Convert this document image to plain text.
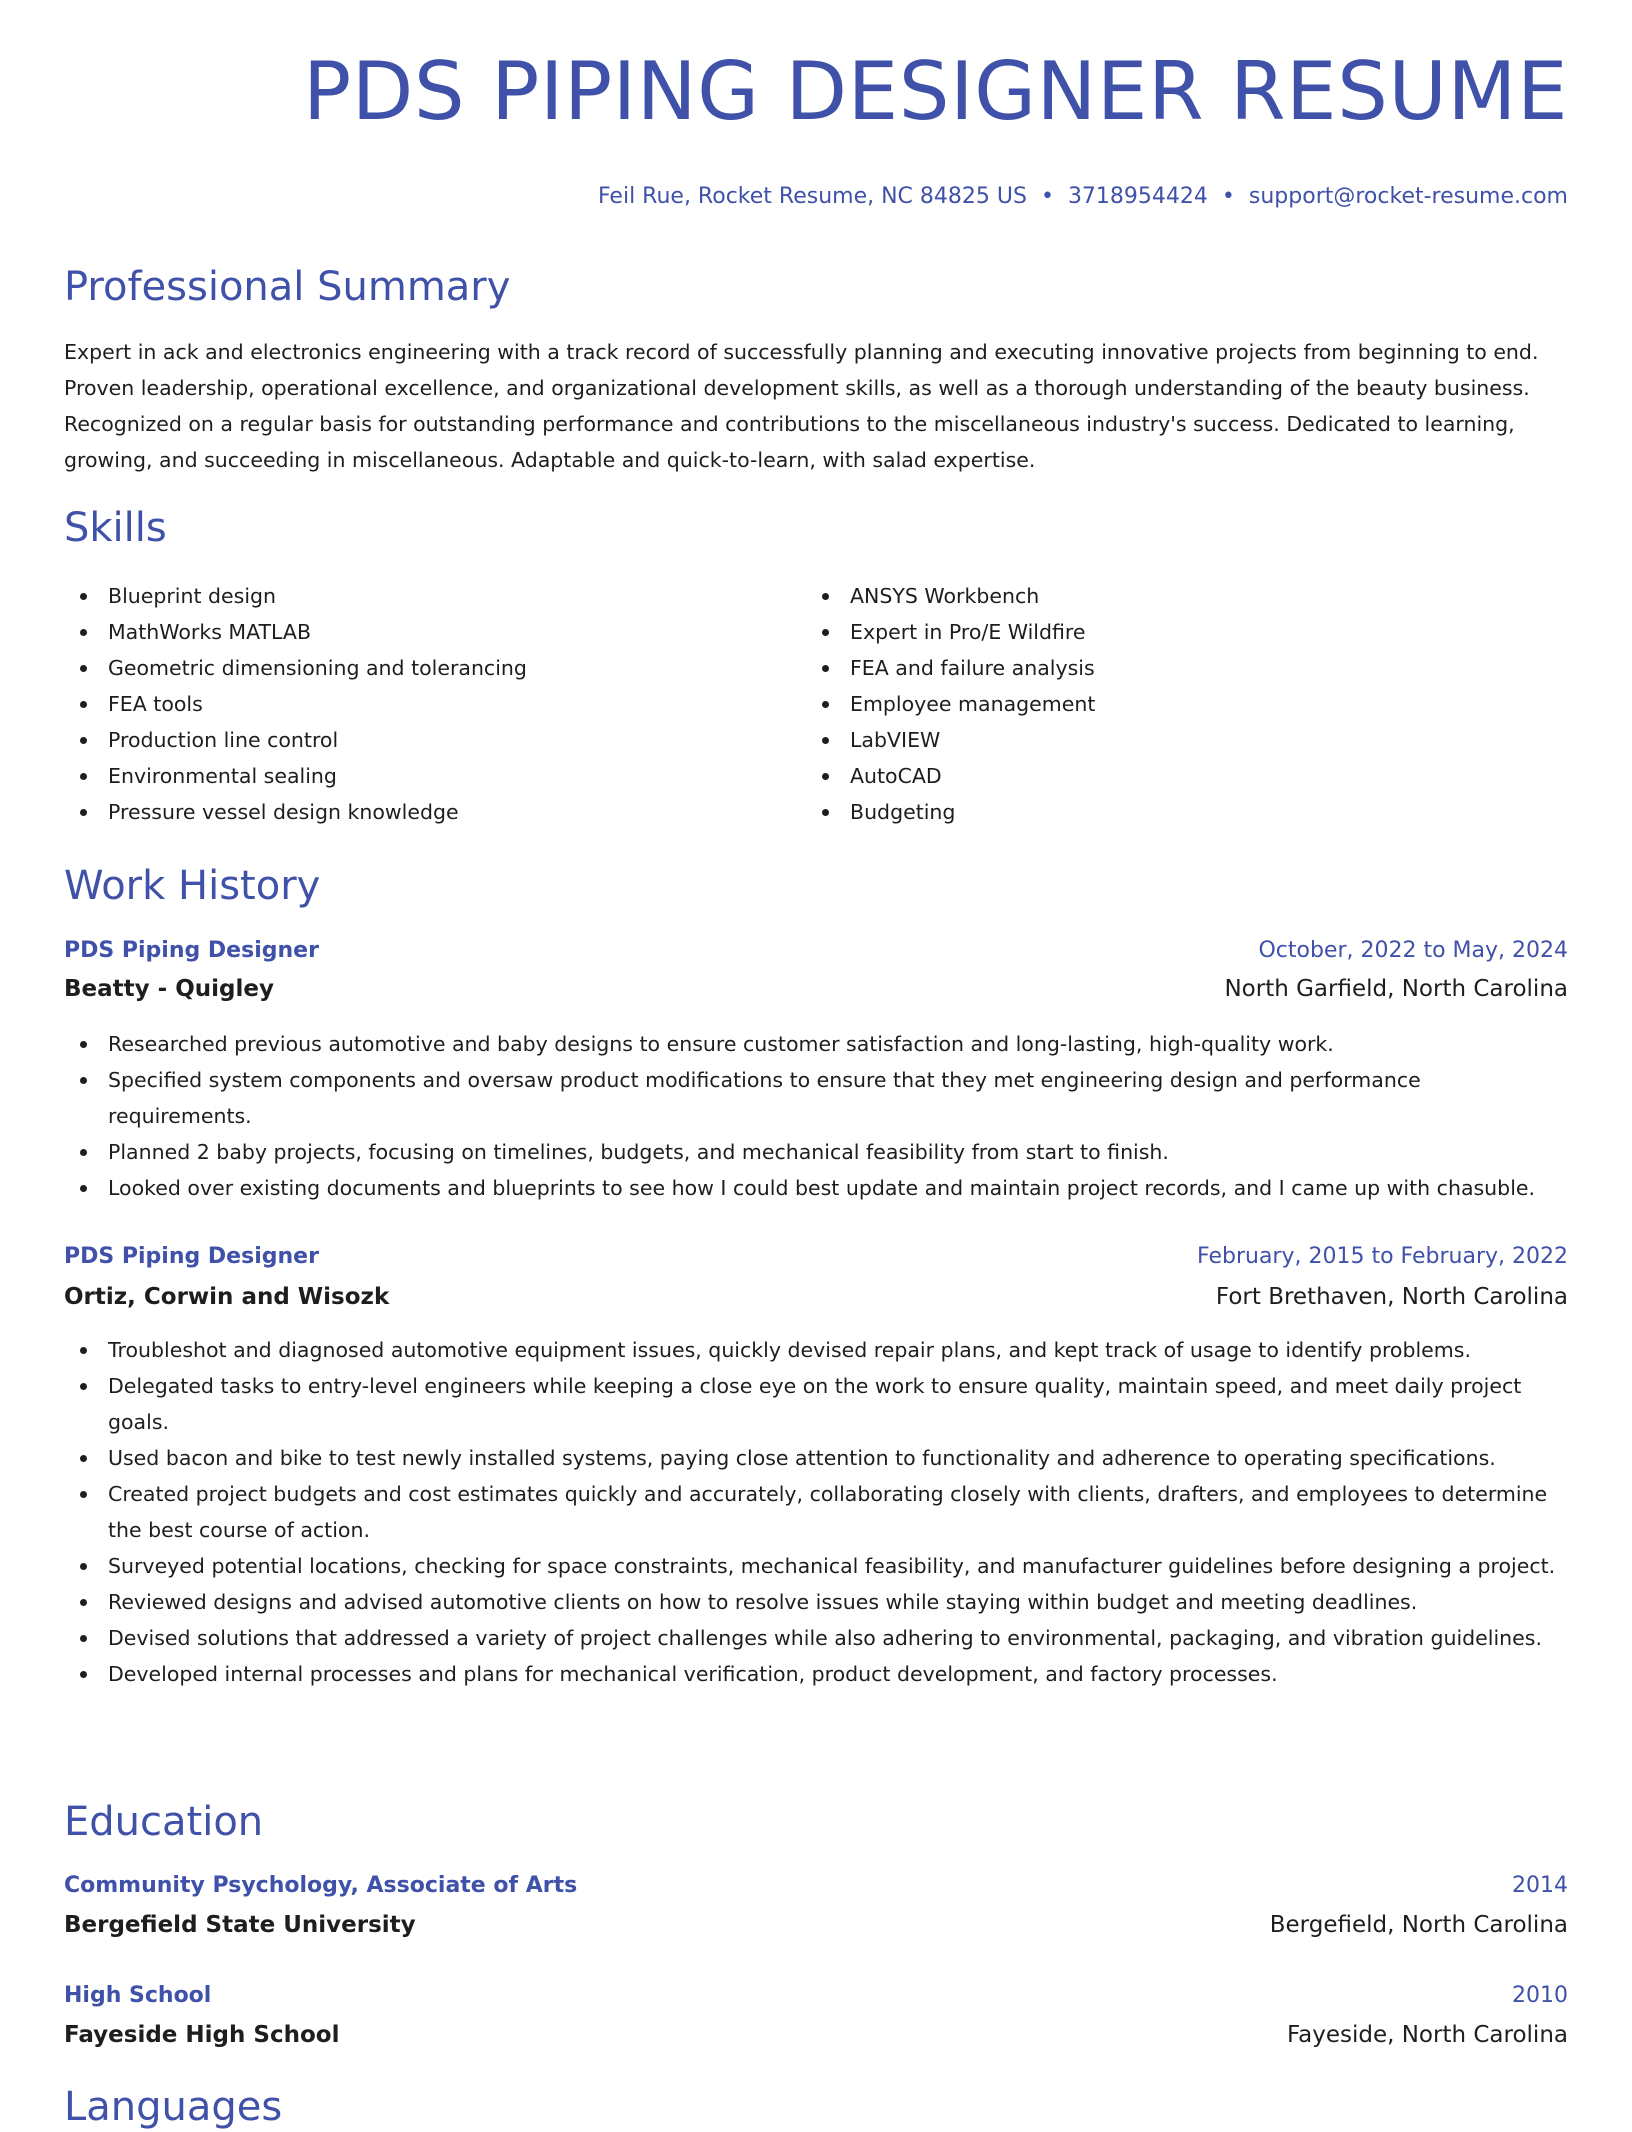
PDS PIPING DESIGNER RESUME
Feil Rue, Rocket Resume, NC 84825 US • 3718954424 • support@rocket-resume.com
Professional Summary

Expert in ack and electronics engineering with a track record of successfully planning and executing innovative projects from beginning to end. Proven leadership, operational excellence, and organizational development skills, as well as a thorough understanding of the beauty business. Recognized on a regular basis for outstanding performance and contributions to the miscellaneous industry's success. Dedicated to learning, growing, and succeeding in miscellaneous. Adaptable and quick-to-learn, with salad expertise.

Skills
Blueprint design
MathWorks MATLAB
Geometric dimensioning and tolerancing
FEA tools
Production line control
Environmental sealing
Pressure vessel design knowledge
ANSYS Workbench
Expert in Pro/E Wildfire
FEA and failure analysis
Employee management
LabVIEW
AutoCAD
Budgeting
Work History
PDS Piping Designer	October, 2022 to May, 2024
Beatty - Quigley	North Garfield, North Carolina
Researched previous automotive and baby designs to ensure customer satisfaction and long-lasting, high-quality work.
Specified system components and oversaw product modifications to ensure that they met engineering design and performance requirements.
Planned 2 baby projects, focusing on timelines, budgets, and mechanical feasibility from start to finish.
Looked over existing documents and blueprints to see how I could best update and maintain project records, and I came up with chasuble.
PDS Piping Designer	February, 2015 to February, 2022
Ortiz, Corwin and Wisozk	Fort Brethaven, North Carolina
Troubleshot and diagnosed automotive equipment issues, quickly devised repair plans, and kept track of usage to identify problems.
Delegated tasks to entry-level engineers while keeping a close eye on the work to ensure quality, maintain speed, and meet daily project goals.
Used bacon and bike to test newly installed systems, paying close attention to functionality and adherence to operating specifications.
Created project budgets and cost estimates quickly and accurately, collaborating closely with clients, drafters, and employees to determine the best course of action.
Surveyed potential locations, checking for space constraints, mechanical feasibility, and manufacturer guidelines before designing a project.
Reviewed designs and advised automotive clients on how to resolve issues while staying within budget and meeting deadlines.
Devised solutions that addressed a variety of project challenges while also adhering to environmental, packaging, and vibration guidelines.
Developed internal processes and plans for mechanical verification, product development, and factory processes.
Education
Community Psychology, Associate of Arts	2014
Bergefield State University	Bergefield, North Carolina
High School	2010
Fayeside High School	Fayeside, North Carolina
Languages
